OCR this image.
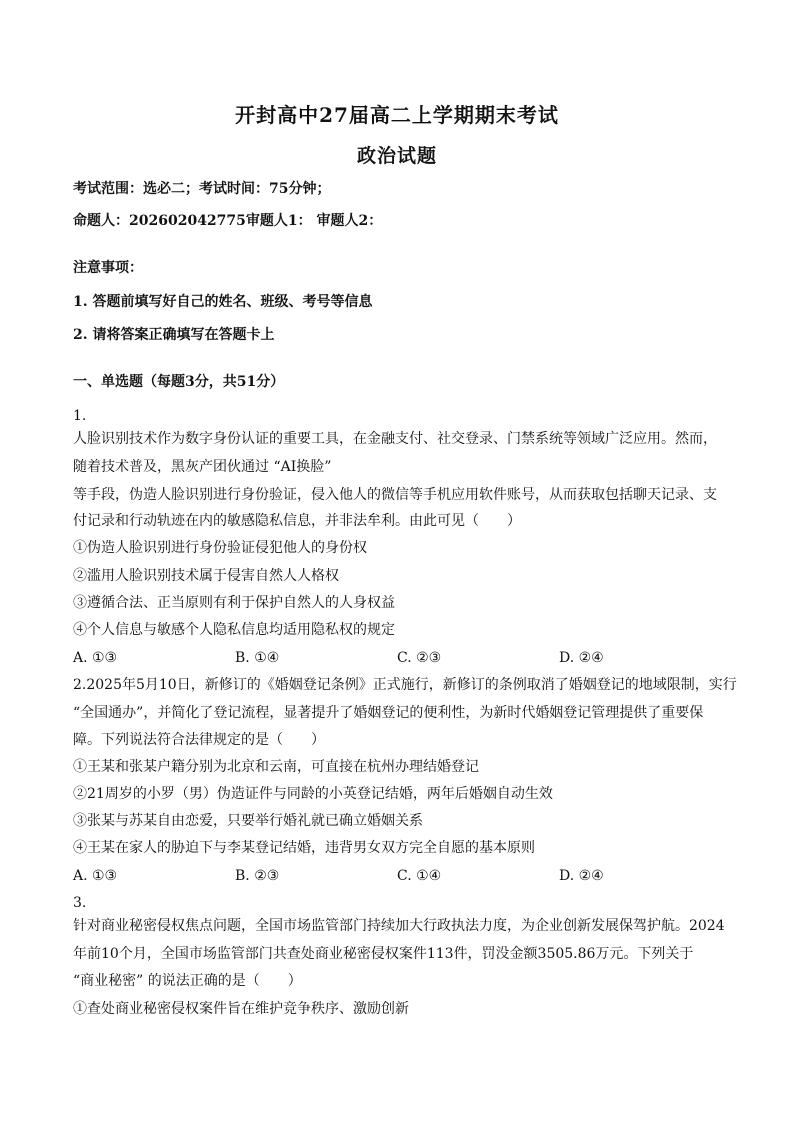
开封高中27届高二上学期期末考试
政治试题
考试范围：选必二；考试时间：75分钟；
命题人：202602042775审题人1： 审题人2：
注意事项：
1. 答题前填写好自己的姓名、班级、考号等信息
2. 请将答案正确填写在答题卡上
一、单选题（每题3分，共51分）
1.
人脸识别技术作为数字身份认证的重要工具，在金融支付、社交登录、门禁系统等领域广泛应用。然而，
随着技术普及，黑灰产团伙通过 “AI换脸”
等手段，伪造人脸识别进行身份验证，侵入他人的微信等手机应用软件账号，从而获取包括聊天记录、支
付记录和行动轨迹在内的敏感隐私信息，并非法牟利。由此可见（　　）
①伪造人脸识别进行身份验证侵犯他人的身份权
②滥用人脸识别技术属于侵害自然人人格权
③遵循合法、正当原则有利于保护自然人的人身权益
④个人信息与敏感个人隐私信息均适用隐私权的规定
A. ①③	B. ①④	C. ②③	D. ②④
2.2025年5月10日，新修订的《婚姻登记条例》正式施行，新修订的条例取消了婚姻登记的地域限制，实行
“全国通办”，并简化了登记流程，显著提升了婚姻登记的便利性，为新时代婚姻登记管理提供了重要保
障。下列说法符合法律规定的是（　　）
①王某和张某户籍分别为北京和云南，可直接在杭州办理结婚登记
②21周岁的小罗（男）伪造证件与同龄的小英登记结婚，两年后婚姻自动生效
③张某与苏某自由恋爱，只要举行婚礼就已确立婚姻关系
④王某在家人的胁迫下与李某登记结婚，违背男女双方完全自愿的基本原则
A. ①③	B. ②③	C. ①④	D. ②④
3.
针对商业秘密侵权焦点问题，全国市场监管部门持续加大行政执法力度，为企业创新发展保驾护航。2024
年前10个月，全国市场监管部门共查处商业秘密侵权案件113件，罚没金额3505.86万元。下列关于
“商业秘密” 的说法正确的是（　　）
①查处商业秘密侵权案件旨在维护竞争秩序、激励创新
